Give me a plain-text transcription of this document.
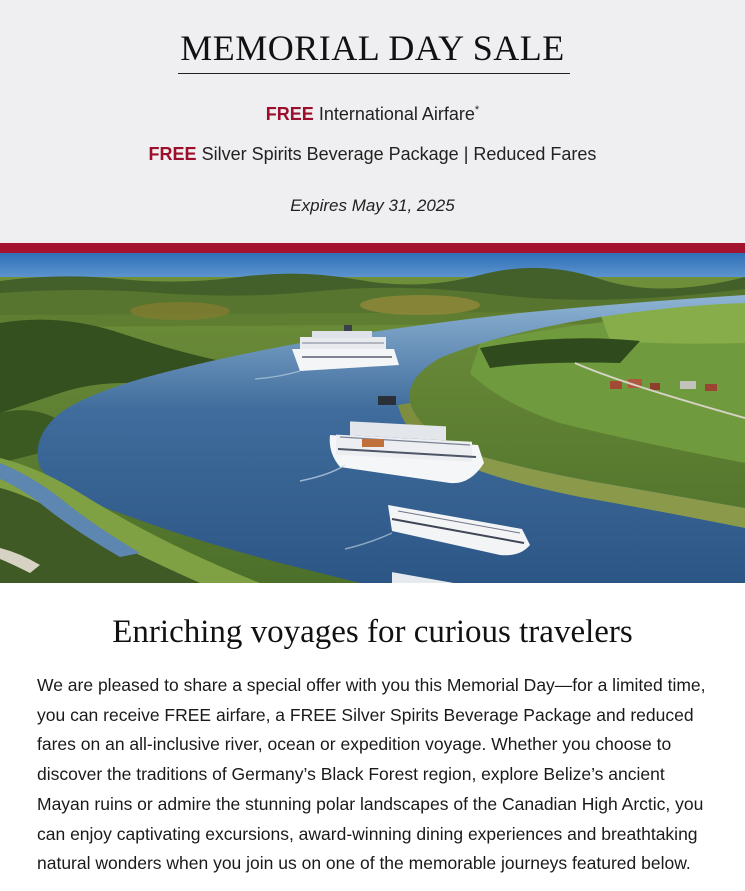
MEMORIAL DAY SALE
FREE International Airfare*
FREE Silver Spirits Beverage Package | Reduced Fares
Expires May 31, 2025
Enriching voyages for curious travelers
We are pleased to share a special offer with you this Memorial Day—for a limited time, you can receive FREE airfare, a FREE Silver Spirits Beverage Package and reduced fares on an all-inclusive river, ocean or expedition voyage. Whether you choose to discover the traditions of Germany’s Black Forest region, explore Belize’s ancient Mayan ruins or admire the stunning polar landscapes of the Canadian High Arctic, you can enjoy captivating excursions, award-winning dining experiences and breathtaking natural wonders when you join us on one of the memorable journeys featured below.
